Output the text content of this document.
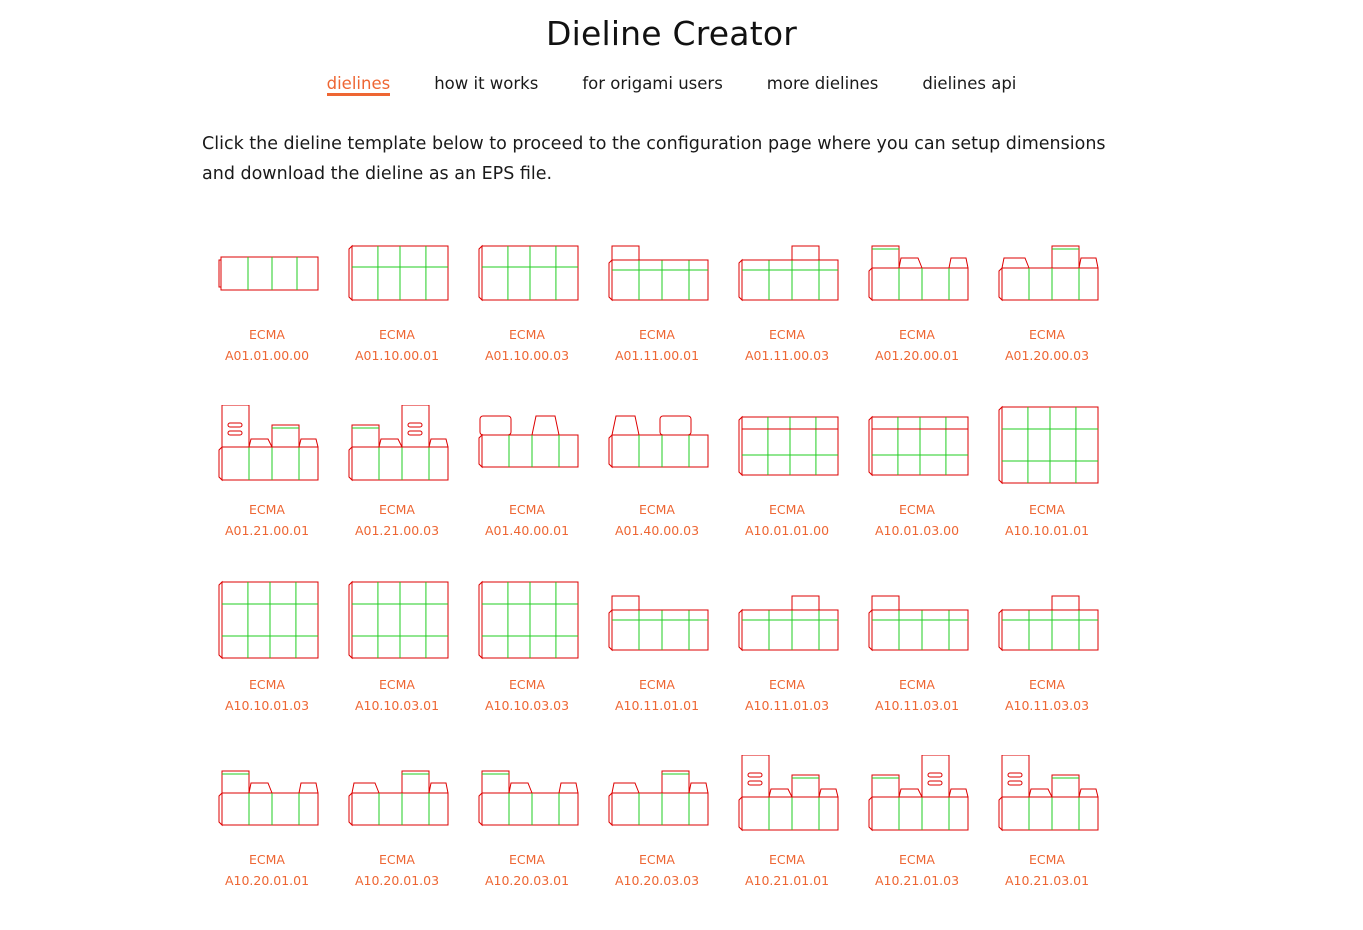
Dieline Creator
dielines	how it works	for origami users	more dielines	dielines api

Click the dieline template below to proceed to the configuration page where you can setup dimensions and download the dieline as an EPS file.

ECMA
A01.01.00.00
ECMA
A01.10.00.01
ECMA
A01.10.00.03
ECMA
A01.11.00.01
ECMA
A01.11.00.03
ECMA
A01.20.00.01
ECMA
A01.20.00.03
ECMA
A01.21.00.01
ECMA
A01.21.00.03
ECMA
A01.40.00.01
ECMA
A01.40.00.03
ECMA
A10.01.01.00
ECMA
A10.01.03.00
ECMA
A10.10.01.01
ECMA
A10.10.01.03
ECMA
A10.10.03.01
ECMA
A10.10.03.03
ECMA
A10.11.01.01
ECMA
A10.11.01.03
ECMA
A10.11.03.01
ECMA
A10.11.03.03
ECMA
A10.20.01.01
ECMA
A10.20.01.03
ECMA
A10.20.03.01
ECMA
A10.20.03.03
ECMA
A10.21.01.01
ECMA
A10.21.01.03
ECMA
A10.21.03.01
